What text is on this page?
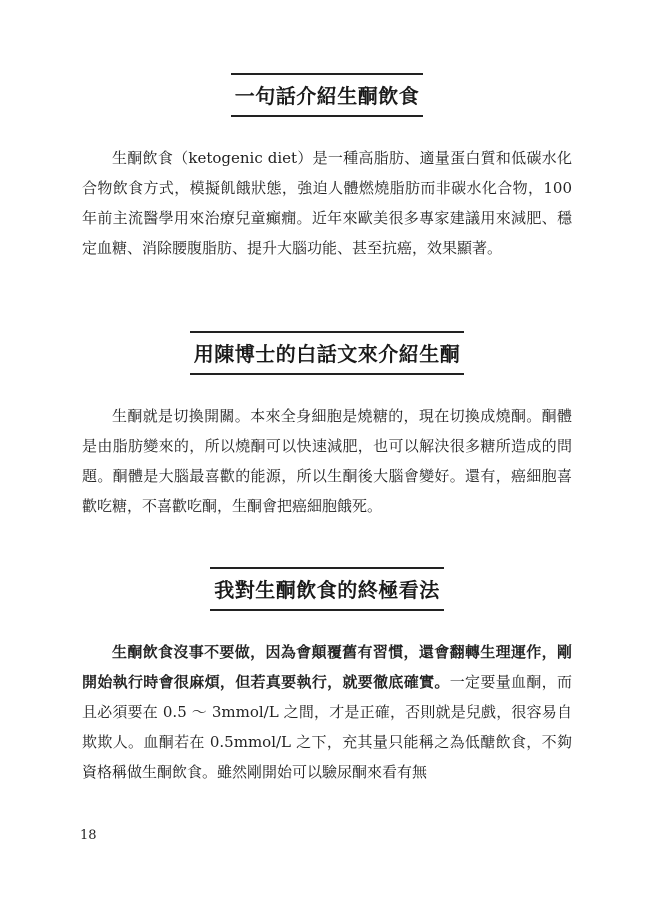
一句話介紹生酮飲食
生酮飲食（ketogenic diet）是一種高脂肪、適量蛋白質和低碳水化合物飲食方式，模擬飢餓狀態，強迫人體燃燒脂肪而非碳水化合物，100 年前主流醫學用來治療兒童癲癇。近年來歐美很多專家建議用來減肥、穩定血糖、消除腰腹脂肪、提升大腦功能、甚至抗癌，效果顯著。
用陳博士的白話文來介紹生酮
生酮就是切換開關。本來全身細胞是燒糖的，現在切換成燒酮。酮體是由脂肪變來的，所以燒酮可以快速減肥，也可以解決很多糖所造成的問題。酮體是大腦最喜歡的能源，所以生酮後大腦會變好。還有，癌細胞喜歡吃糖，不喜歡吃酮，生酮會把癌細胞餓死。
我對生酮飲食的終極看法
生酮飲食沒事不要做，因為會顛覆舊有習慣，還會翻轉生理運作，剛開始執行時會很麻煩，但若真要執行，就要徹底確實。一定要量血酮，而且必須要在 0.5 ～ 3mmol/L 之間，才是正確，否則就是兒戲，很容易自欺欺人。血酮若在 0.5mmol/L 之下，充其量只能稱之為低醣飲食，不夠資格稱做生酮飲食。雖然剛開始可以驗尿酮來看有無
18
